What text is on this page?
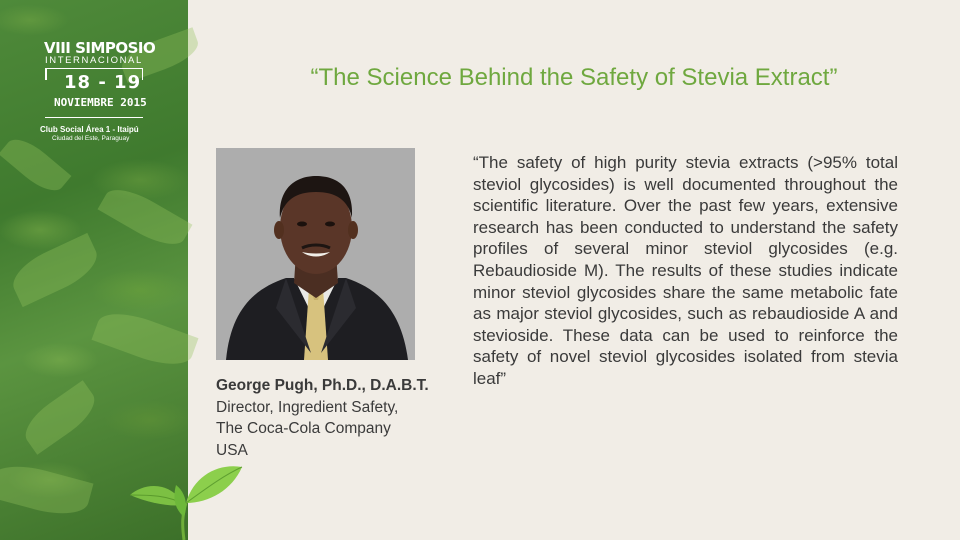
VIII SIMPOSIO
INTERNACIONAL
18 - 19
NOVIEMBRE 2015
Club Social Área 1 - Itaipú
Ciudad del Este, Paraguay
“The Science Behind the Safety of Stevia Extract”
George Pugh, Ph.D., D.A.B.T.
Director, Ingredient Safety,
The Coca-Cola Company
USA
“The safety of high purity stevia extracts (>95% total steviol glycosides) is well documented throughout the scientific literature. Over the past few years, extensive research has been conducted to understand the safety profiles of several minor steviol glycosides (e.g. Rebaudioside M). The results of these studies indicate minor steviol glycosides share the same metabolic fate as major steviol glycosides, such as rebaudioside A and stevioside. These data can be used to reinforce the safety of novel steviol glycosides isolated from stevia leaf”
